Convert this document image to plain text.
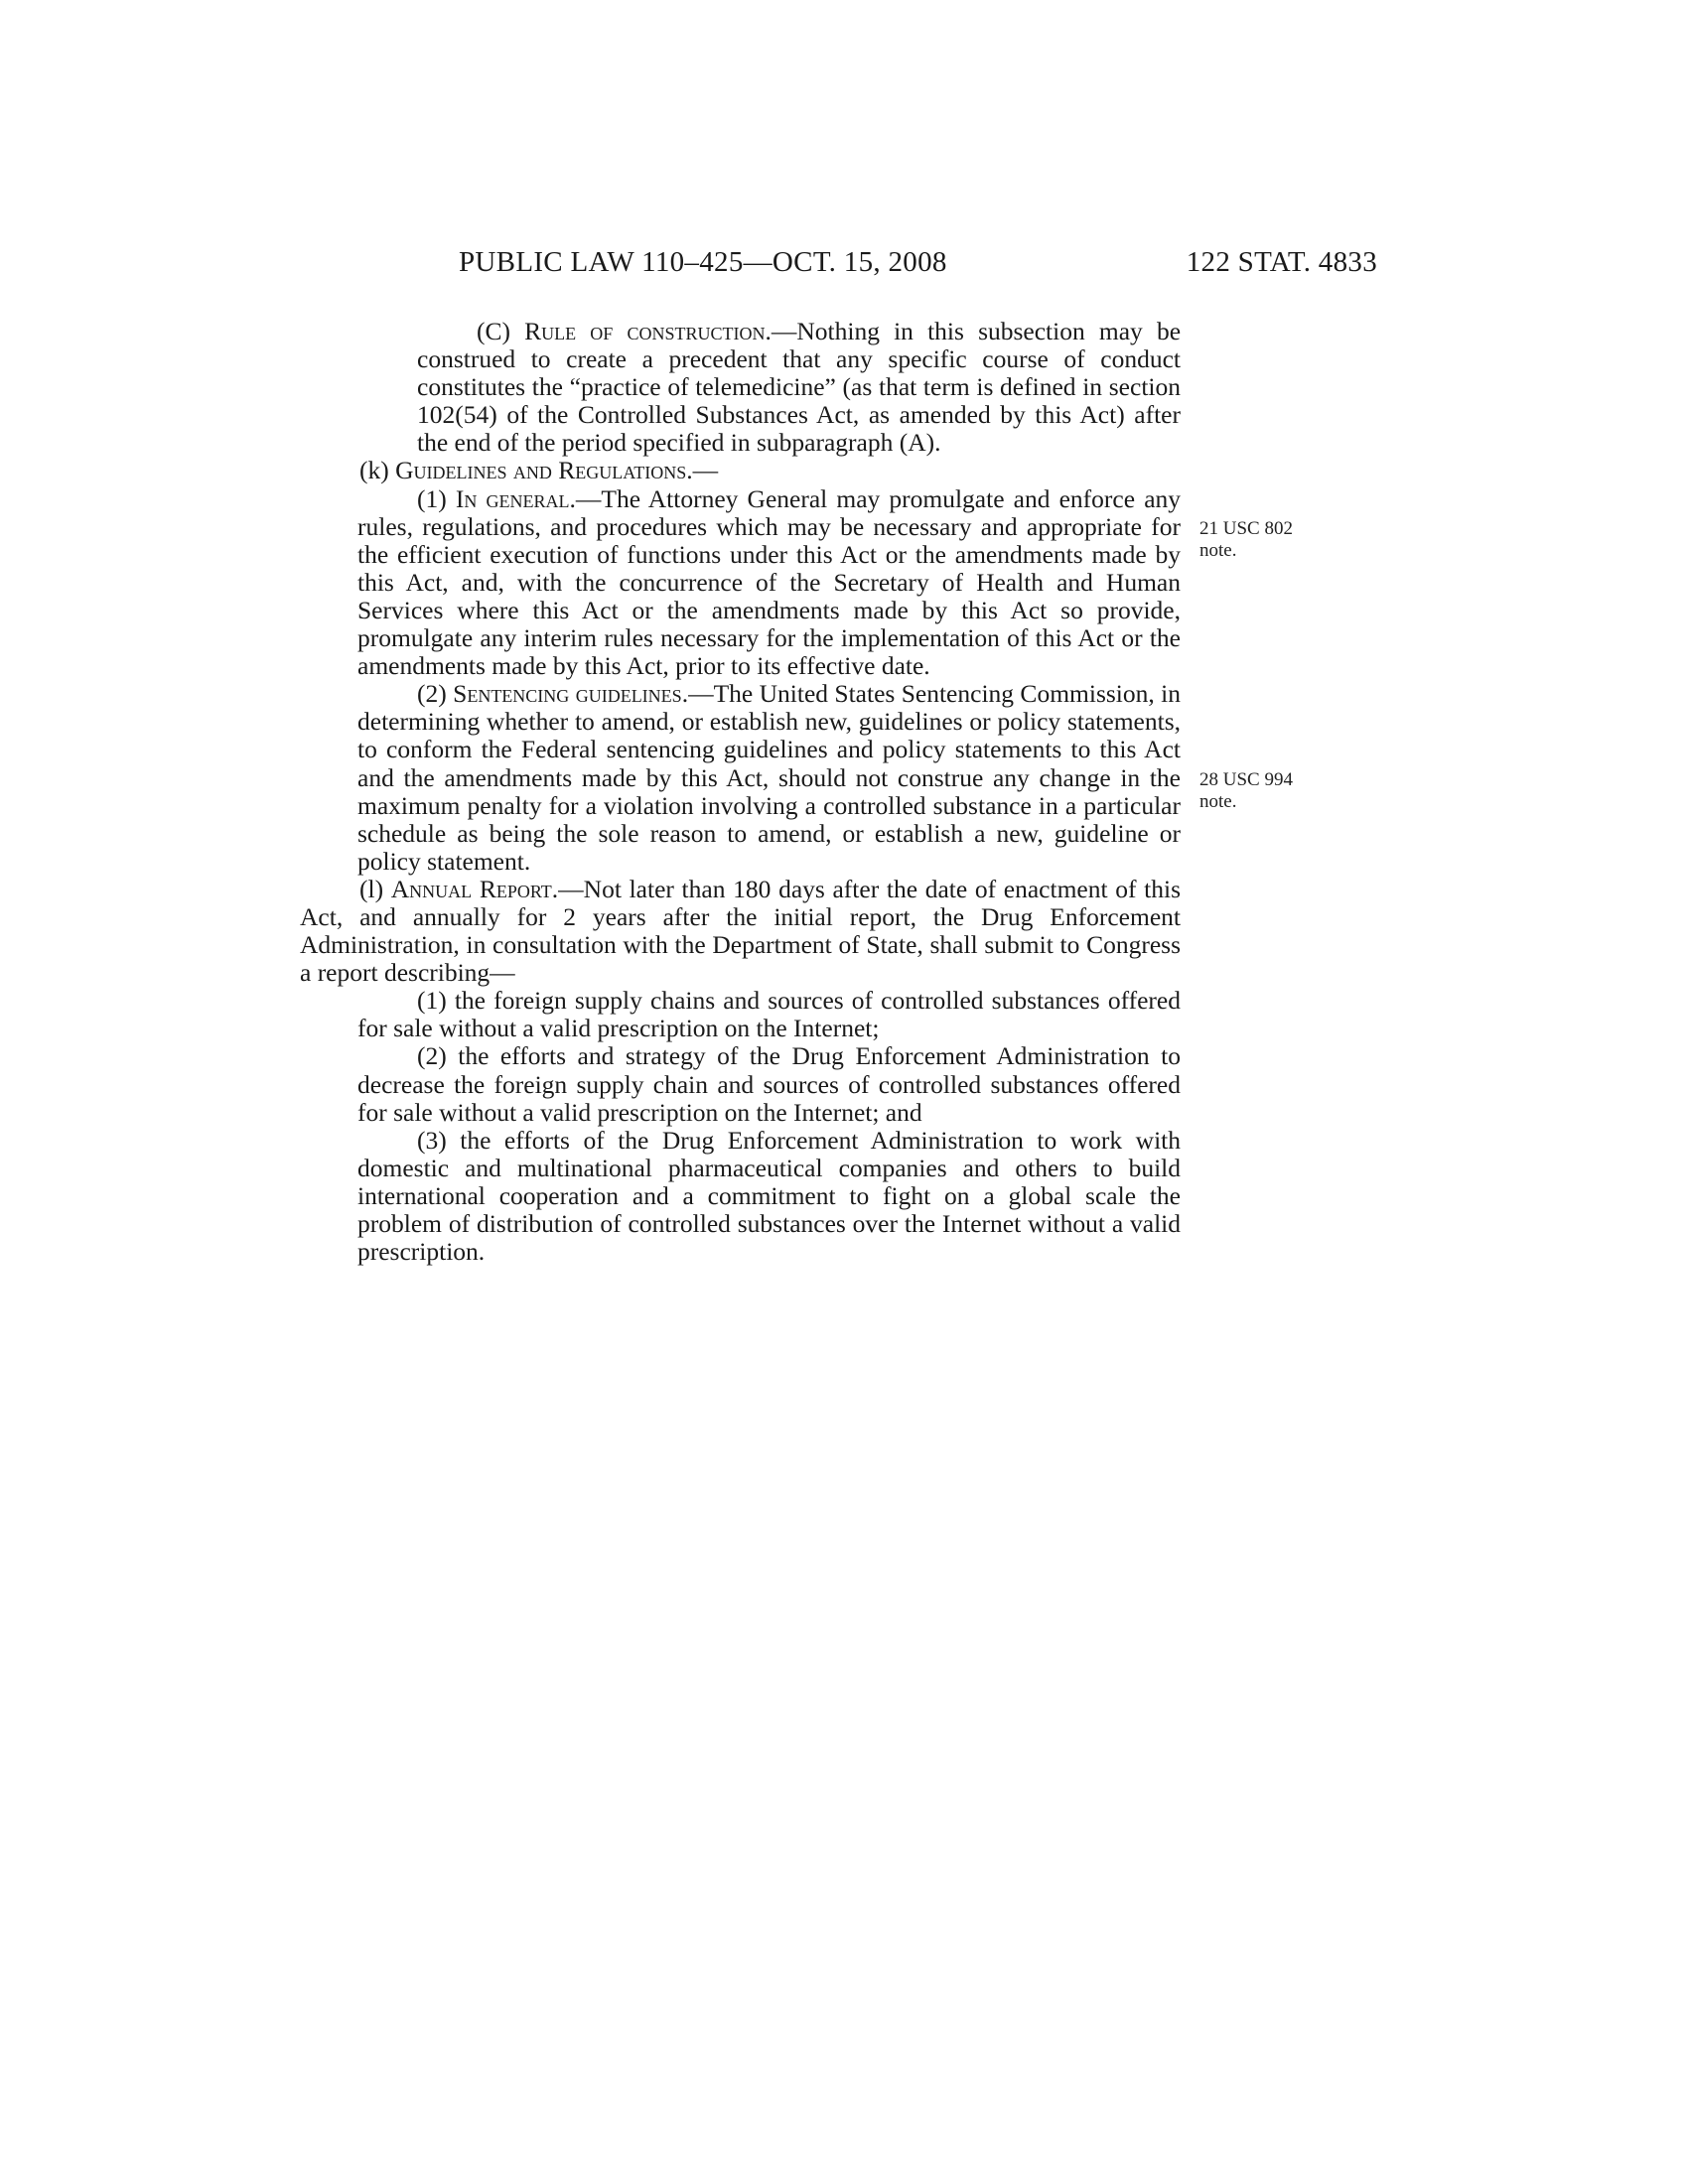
PUBLIC LAW 110–425—OCT. 15, 2008	122 STAT. 4833

(C) Rule of construction.—Nothing in this subsection may be construed to create a precedent that any specific course of conduct constitutes the “practice of telemedicine” (as that term is defined in section 102(54) of the Controlled Substances Act, as amended by this Act) after the end of the period specified in subparagraph (A).

(k) Guidelines and Regulations.—

(1) In general.—The Attorney General may promulgate and enforce any rules, regulations, and procedures which may be necessary and appropriate for the efficient execution of functions under this Act or the amendments made by this Act, and, with the concurrence of the Secretary of Health and Human Services where this Act or the amendments made by this Act so provide, promulgate any interim rules necessary for the implementation of this Act or the amendments made by this Act, prior to its effective date.

(2) Sentencing guidelines.—The United States Sentencing Commission, in determining whether to amend, or establish new, guidelines or policy statements, to conform the Federal sentencing guidelines and policy statements to this Act and the amendments made by this Act, should not construe any change in the maximum penalty for a violation involving a controlled substance in a particular schedule as being the sole reason to amend, or establish a new, guideline or policy statement.

(l) Annual Report.—Not later than 180 days after the date of enactment of this Act, and annually for 2 years after the initial report, the Drug Enforcement Administration, in consultation with the Department of State, shall submit to Congress a report describing—

(1) the foreign supply chains and sources of controlled substances offered for sale without a valid prescription on the Internet;

(2) the efforts and strategy of the Drug Enforcement Administration to decrease the foreign supply chain and sources of controlled substances offered for sale without a valid prescription on the Internet; and

(3) the efforts of the Drug Enforcement Administration to work with domestic and multinational pharmaceutical companies and others to build international cooperation and a commitment to fight on a global scale the problem of distribution of controlled substances over the Internet without a valid prescription.

21 USC 802
note.
28 USC 994
note.
